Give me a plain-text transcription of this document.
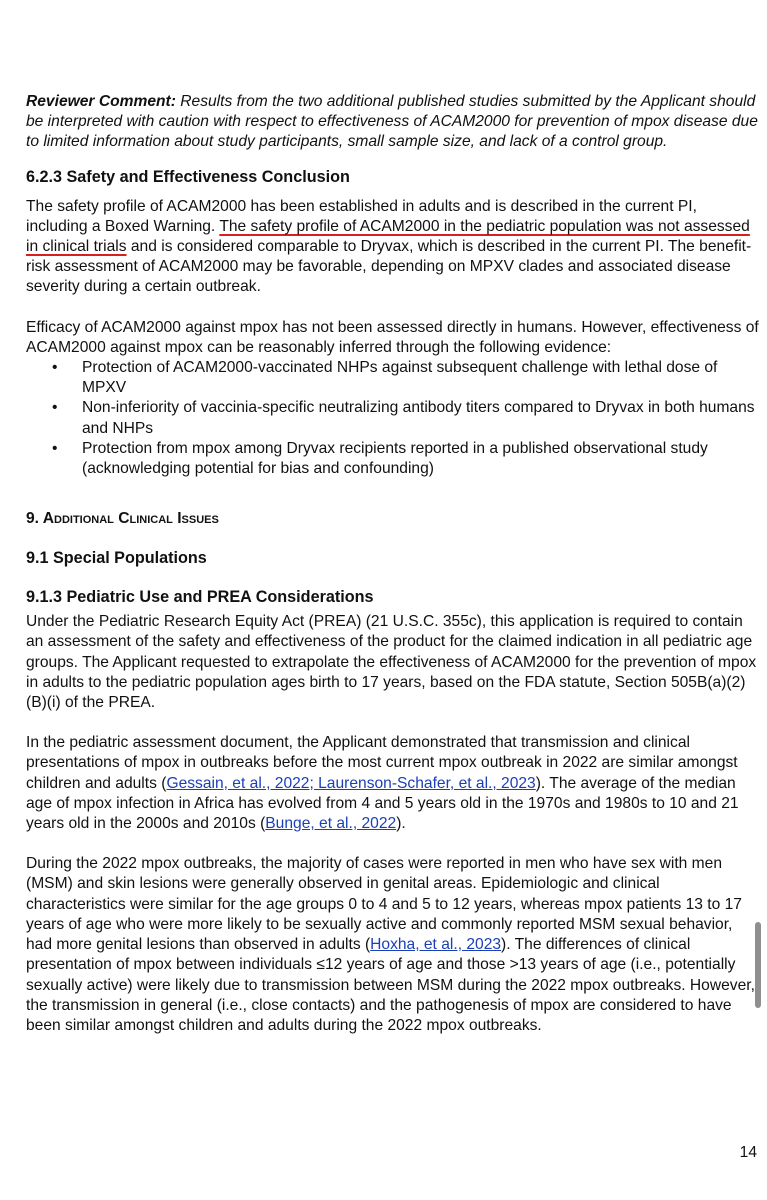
Reviewer Comment: Results from the two additional published studies submitted by the Applicant should be interpreted with caution with respect to effectiveness of ACAM2000 for prevention of mpox disease due to limited information about study participants, small sample size, and lack of a control group.

6.2.3 Safety and Effectiveness Conclusion

The safety profile of ACAM2000 has been established in adults and is described in the current PI, including a Boxed Warning. The safety profile of ACAM2000 in the pediatric population was not assessed in clinical trials and is considered comparable to Dryvax, which is described in the current PI. The benefit-risk assessment of ACAM2000 may be favorable, depending on MPXV clades and associated disease severity during a certain outbreak.

Efficacy of ACAM2000 against mpox has not been assessed directly in humans. However, effectiveness of ACAM2000 against mpox can be reasonably inferred through the following evidence:

• Protection of ACAM2000-vaccinated NHPs against subsequent challenge with lethal dose of MPXV
• Non-inferiority of vaccinia-specific neutralizing antibody titers compared to Dryvax in both humans and NHPs
• Protection from mpox among Dryvax recipients reported in a published observational study (acknowledging potential for bias and confounding)
9. Additional Clinical Issues
9.1 Special Populations
9.1.3 Pediatric Use and PREA Considerations

Under the Pediatric Research Equity Act (PREA) (21 U.S.C. 355c), this application is required to contain an assessment of the safety and effectiveness of the product for the claimed indication in all pediatric age groups. The Applicant requested to extrapolate the effectiveness of ACAM2000 for the prevention of mpox in adults to the pediatric population ages birth to 17 years, based on the FDA statute, Section 505B(a)(2)(B)(i) of the PREA.

In the pediatric assessment document, the Applicant demonstrated that transmission and clinical presentations of mpox in outbreaks before the most current mpox outbreak in 2022 are similar amongst children and adults (Gessain, et al., 2022; Laurenson-Schafer, et al., 2023). The average of the median age of mpox infection in Africa has evolved from 4 and 5 years old in the 1970s and 1980s to 10 and 21 years old in the 2000s and 2010s (Bunge, et al., 2022).

During the 2022 mpox outbreaks, the majority of cases were reported in men who have sex with men (MSM) and skin lesions were generally observed in genital areas. Epidemiologic and clinical characteristics were similar for the age groups 0 to 4 and 5 to 12 years, whereas mpox patients 13 to 17 years of age who were more likely to be sexually active and commonly reported MSM sexual behavior, had more genital lesions than observed in adults (Hoxha, et al., 2023). The differences of clinical presentation of mpox between individuals ≤12 years of age and those >13 years of age (i.e., potentially sexually active) were likely due to transmission between MSM during the 2022 mpox outbreaks. However, the transmission in general (i.e., close contacts) and the pathogenesis of mpox are considered to have been similar amongst children and adults during the 2022 mpox outbreaks.

14
